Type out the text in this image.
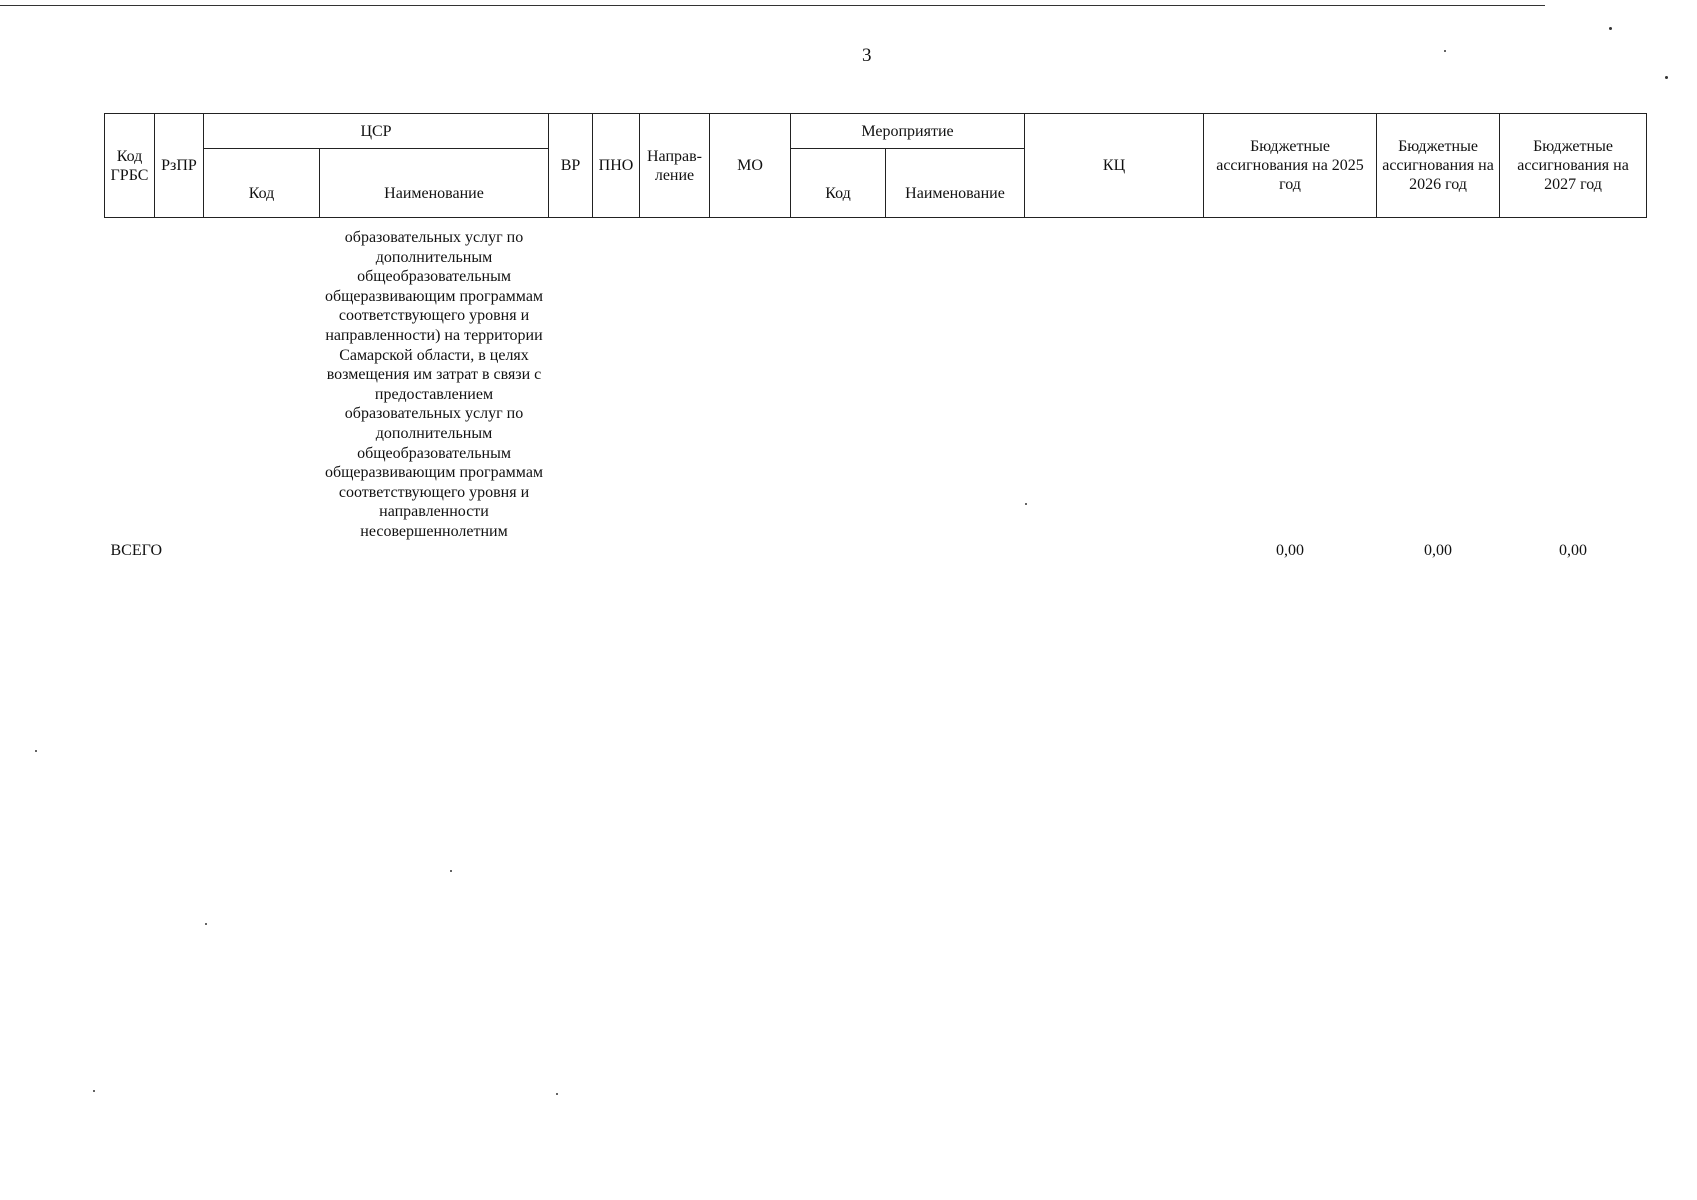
3
Код ГРБС	РзПР	ЦСР		ВР	ПНО	Направ-ление	МО	Мероприятие		КЦ	Бюджетные ассигнования на 2025 год	Бюджетные ассигнования на 2026 год	Бюджетные ассигнования на 2027 год
		Код	Наименование					Код	Наименование				
			образовательных услуг по дополнительным общеобразовательным общеразвивающим программам соответствующего уровня и направленности) на территории Самарской области, в целях возмещения им затрат в связи с предоставлением образовательных услуг по дополнительным общеобразовательным общеразвивающим программам соответствующего уровня и направленности несовершеннолетним										
ВСЕГО											0,00	0,00	0,00
